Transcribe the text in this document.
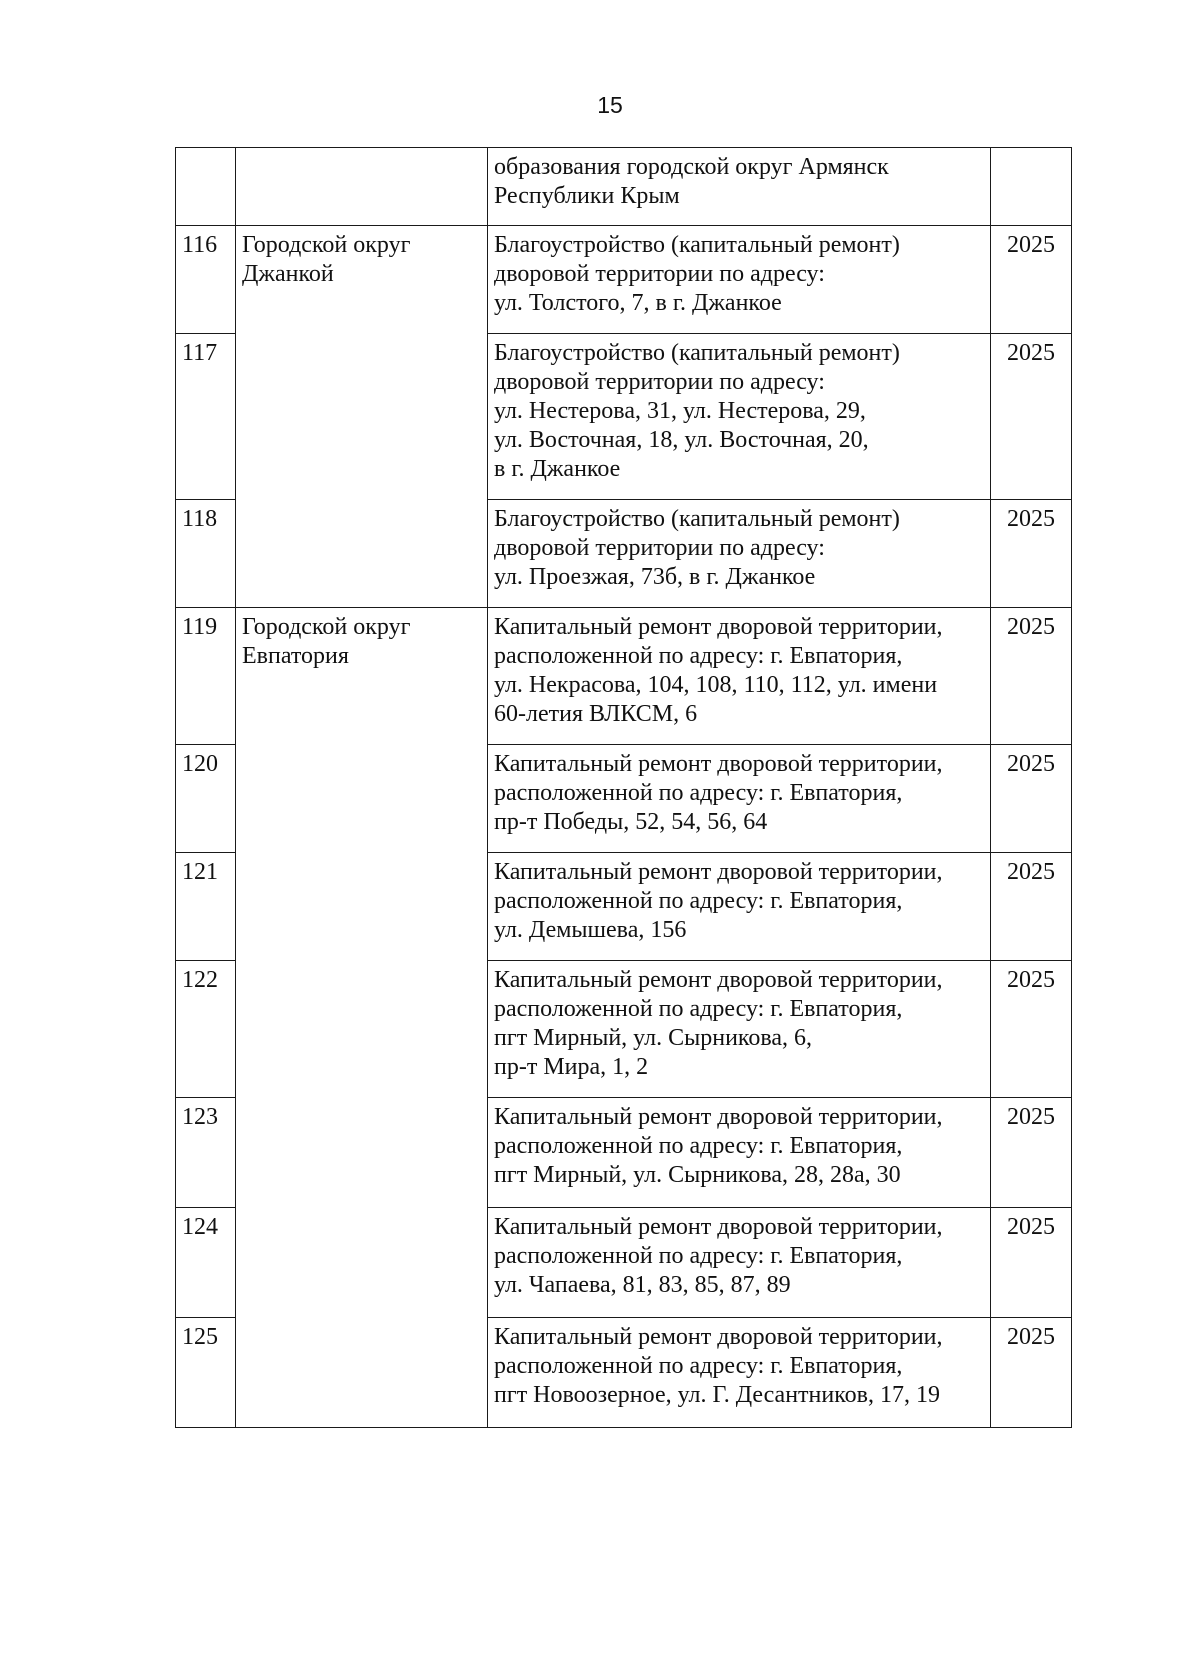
15

		образования городской округ Армянск
Республики Крым	

116	Городской округ
Джанкой	Благоустройство (капитальный ремонт)
дворовой территории по адресу:
ул. Толстого, 7, в г. Джанкое	2025
117		Благоустройство (капитальный ремонт)
дворовой территории по адресу:
ул. Нестерова, 31, ул. Нестерова, 29,
ул. Восточная, 18, ул. Восточная, 20,
в г. Джанкое	2025
118		Благоустройство (капитальный ремонт)
дворовой территории по адресу:
ул. Проезжая, 73б, в г. Джанкое	2025
119	Городской округ
Евпатория	Капитальный ремонт дворовой территории,
расположенной по адресу: г. Евпатория,
ул. Некрасова, 104, 108, 110, 112, ул. имени
60-летия ВЛКСМ, 6	2025
120		Капитальный ремонт дворовой территории,
расположенной по адресу: г. Евпатория,
пр-т Победы, 52, 54, 56, 64	2025
121		Капитальный ремонт дворовой территории,
расположенной по адресу: г. Евпатория,
ул. Демышева, 156	2025
122		Капитальный ремонт дворовой территории,
расположенной по адресу: г. Евпатория,
пгт Мирный, ул. Сырникова, 6,
пр-т Мира, 1, 2	2025
123		Капитальный ремонт дворовой территории,
расположенной по адресу: г. Евпатория,
пгт Мирный, ул. Сырникова, 28, 28а, 30	2025
124		Капитальный ремонт дворовой территории,
расположенной по адресу: г. Евпатория,
ул. Чапаева, 81, 83, 85, 87, 89	2025
125		Капитальный ремонт дворовой территории,
расположенной по адресу: г. Евпатория,
пгт Новоозерное, ул. Г. Десантников, 17, 19	2025
